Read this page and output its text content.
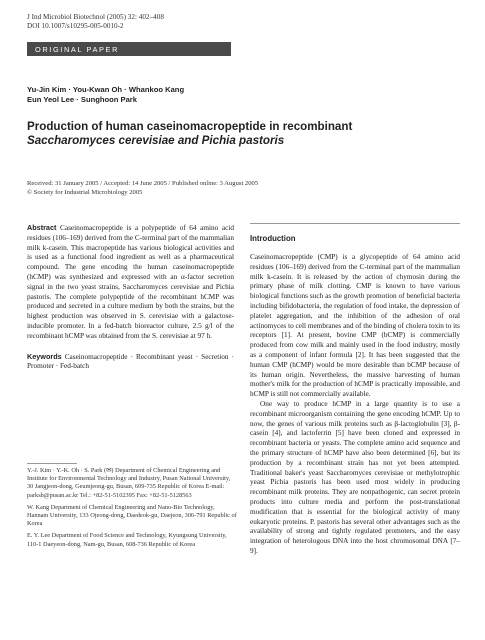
J Ind Microbiol Biotechnol (2005) 32: 402–408
DOI 10.1007/s10295-005-0010-2
ORIGINAL PAPER
Yu-Jin Kim · You-Kwan Oh · Whankoo Kang
Eun Yeol Lee · Sunghoon Park
Production of human caseinomacropeptide in recombinant
Saccharomyces cerevisiae and Pichia pastoris
Received: 31 January 2005 / Accepted: 14 June 2005 / Published online: 3 August 2005
© Society for Industrial Microbiology 2005

Abstract Caseinomacropeptide is a polypeptide of 64 amino acid residues (106–169) derived from the C-terminal part of the mammalian milk k-casein. This macropeptide has various biological activities and is used as a functional food ingredient as well as a pharmaceutical compound. The gene encoding the human caseinomacropeptide (hCMP) was synthesized and expressed with an α-factor secretion signal in the two yeast strains, Saccharomyces cerevisiae and Pichia pastoris. The complete polypeptide of the recombinant hCMP was produced and secreted in a culture medium by both the strains, but the highest production was observed in S. cerevisiae with a galactose-inducible promoter. In a fed-batch bioreactor culture, 2.5 g/l of the recombinant hCMP was obtained from the S. cerevisiae at 97 h.

Keywords Caseinomacropeptide · Recombinant yeast · Secretion · Promoter · Fed-batch

Y.-J. Kim · Y.-K. Oh · S. Park (✉) Department of Chemical Engineering and Institute for Environmental Technology and Industry, Pusan National University, 30 Jangjeon-dong, Geumjeong-gu, Busan, 609-735 Republic of Korea E-mail: parksh@pusan.ac.kr Tel.: +82-51-5102395 Fax: +82-51-5128563

W. Kang Department of Chemical Engineering and Nano-Bio Technology, Hannam University, 133 Ojeong-dong, Daedeok-gu, Daejeon, 306-791 Republic of Korea

E. Y. Lee Department of Food Science and Technology, Kyungsung University, 110-1 Daeyeon-dong, Nam-gu, Busan, 608-736 Republic of Korea

Introduction

Caseinomacropeptide (CMP) is a glycopeptide of 64 amino acid residues (106–169) derived from the C-terminal part of the mammalian milk k-casein. It is released by the action of chymosin during the primary phase of milk clotting. CMP is known to have various biological functions such as the growth promotion of beneficial bacteria including bifidobacteria, the regulation of food intake, the depression of platelet aggregation, and the inhibition of the adhesion of oral actinomyces to cell membranes and of the binding of cholera toxin to its receptors [1]. At present, bovine CMP (bCMP) is commercially produced from cow milk and mainly used in the food industry, mostly as a component of infant formula [2]. It has been suggested that the human CMP (hCMP) would be more desirable than bCMP because of its human origin. Nevertheless, the massive harvesting of human mother's milk for the production of hCMP is practically impossible, and hCMP is still not commercially available.

One way to produce hCMP in a large quantity is to use a recombinant microorganism containing the gene encoding hCMP. Up to now, the genes of various milk proteins such as β-lactoglobulin [3], β-casein [4], and lactoferrin [5] have been cloned and expressed in recombinant bacteria or yeasts. The complete amino acid sequence and the primary structure of hCMP have also been determined [6], but its production by a recombinant strain has not yet been attempted. Traditional baker's yeast Saccharomyces cerevisiae or methylotrophic yeast Pichia pastoris has been used most widely in producing recombinant milk proteins. They are nonpathogenic, can secret protein products into culture media and perform the post-translational modification that is essential for the biological activity of many eukaryotic proteins. P. pastoris has several other advantages such as the availability of strong and tightly regulated promoters, and the easy integration of heterologous DNA into the host chromosomal DNA [7–9].
